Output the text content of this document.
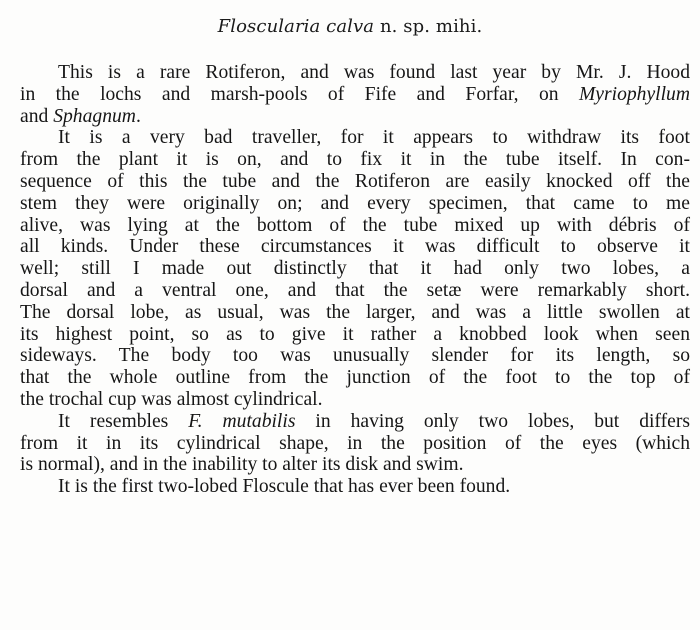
Floscularia calva n. sp. mihi.
This is a rare Rotiferon, and was found last year by Mr. J. Hood
in the lochs and marsh-pools of Fife and Forfar, on Myriophyllum
and Sphagnum.
It is a very bad traveller, for it appears to withdraw its foot
from the plant it is on, and to fix it in the tube itself. In con-
sequence of this the tube and the Rotiferon are easily knocked off the
stem they were originally on; and every specimen, that came to me
alive, was lying at the bottom of the tube mixed up with débris of
all kinds. Under these circumstances it was difficult to observe it
well; still I made out distinctly that it had only two lobes, a
dorsal and a ventral one, and that the setæ were remarkably short.
The dorsal lobe, as usual, was the larger, and was a little swollen at
its highest point, so as to give it rather a knobbed look when seen
sideways. The body too was unusually slender for its length, so
that the whole outline from the junction of the foot to the top of
the trochal cup was almost cylindrical.
It resembles F. mutabilis in having only two lobes, but differs
from it in its cylindrical shape, in the position of the eyes (which
is normal), and in the inability to alter its disk and swim.
It is the first two-lobed Floscule that has ever been found.
